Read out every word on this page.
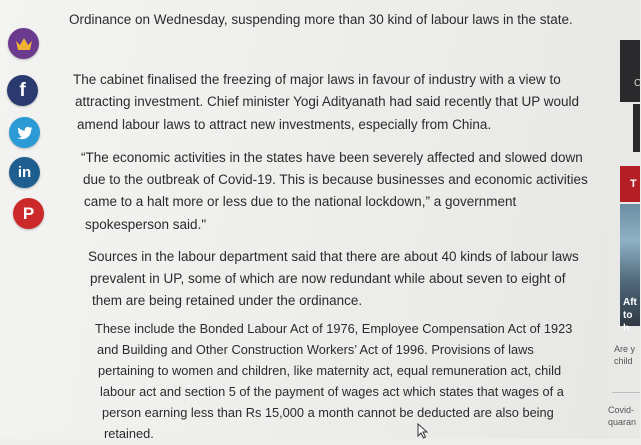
Ordinance on Wednesday, suspending more than 30 kind of labour laws in the state.
The cabinet finalised the freezing of major laws in favour of industry with a view to
attracting investment. Chief minister Yogi Adityanath had said recently that UP would
amend labour laws to attract new investments, especially from China.
“The economic activities in the states have been severely affected and slowed down
due to the outbreak of Covid-19. This is because businesses and economic activities
came to a halt more or less due to the national lockdown,” a government
spokesperson said."
Sources in the labour department said that there are about 40 kinds of labour laws
prevalent in UP, some of which are now redundant while about seven to eight of
them are being retained under the ordinance.
These include the Bonded Labour Act of 1976, Employee Compensation Act of 1923
and Building and Other Construction Workers’ Act of 1996. Provisions of laws
pertaining to women and children, like maternity act, equal remuneration act, child
labour act and section 5 of the payment of wages act which states that wages of a
person earning less than Rs 15,000 a month cannot be deducted are also being
retained.
f
in
P
C
T
Aft
to h
Are y
child
Covid-
quaran
